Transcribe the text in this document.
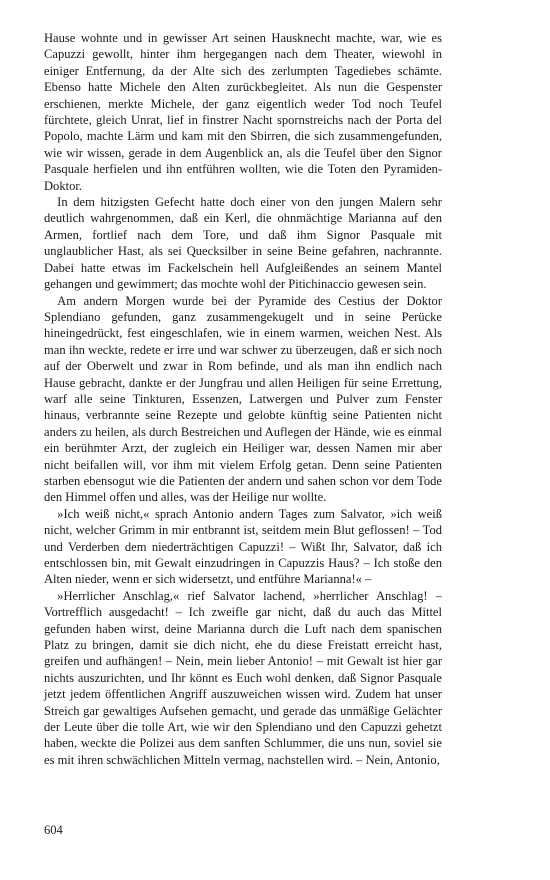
Hause wohnte und in gewisser Art seinen Hausknecht machte, war, wie es Capuzzi gewollt, hinter ihm hergegangen nach dem Theater, wiewohl in einiger Entfernung, da der Alte sich des zerlumpten Tagediebes schämte. Ebenso hatte Michele den Alten zurückbegleitet. Als nun die Gespenster erschienen, merkte Michele, der ganz eigentlich weder Tod noch Teufel fürchtete, gleich Unrat, lief in finstrer Nacht spornstreichs nach der Porta del Popolo, machte Lärm und kam mit den Sbirren, die sich zusammengefunden, wie wir wissen, gerade in dem Augenblick an, als die Teufel über den Signor Pasquale herfielen und ihn entführen wollten, wie die Toten den Pyramiden-Doktor.

In dem hitzigsten Gefecht hatte doch einer von den jungen Malern sehr deutlich wahrgenommen, daß ein Kerl, die ohnmächtige Marianna auf den Armen, fortlief nach dem Tore, und daß ihm Signor Pasquale mit unglaublicher Hast, als sei Quecksilber in seine Beine gefahren, nachrannte. Dabei hatte etwas im Fackelschein hell Aufgleißendes an seinem Mantel gehangen und gewimmert; das mochte wohl der Pitichinaccio gewesen sein.

Am andern Morgen wurde bei der Pyramide des Cestius der Doktor Splendiano gefunden, ganz zusammengekugelt und in seine Perücke hineingedrückt, fest eingeschlafen, wie in einem warmen, weichen Nest. Als man ihn weckte, redete er irre und war schwer zu überzeugen, daß er sich noch auf der Oberwelt und zwar in Rom befinde, und als man ihn endlich nach Hause gebracht, dankte er der Jungfrau und allen Heiligen für seine Errettung, warf alle seine Tinkturen, Essenzen, Latwergen und Pulver zum Fenster hinaus, verbrannte seine Rezepte und gelobte künftig seine Patienten nicht anders zu heilen, als durch Bestreichen und Auflegen der Hände, wie es einmal ein berühmter Arzt, der zugleich ein Heiliger war, dessen Namen mir aber nicht beifallen will, vor ihm mit vielem Erfolg getan. Denn seine Patienten starben ebensogut wie die Patienten der andern und sahen schon vor dem Tode den Himmel offen und alles, was der Heilige nur wollte.

»Ich weiß nicht,« sprach Antonio andern Tages zum Salvator, »ich weiß nicht, welcher Grimm in mir entbrannt ist, seitdem mein Blut geflossen! – Tod und Verderben dem niederträchtigen Capuzzi! – Wißt Ihr, Salvator, daß ich entschlossen bin, mit Gewalt einzudringen in Capuzzis Haus? – Ich stoße den Alten nieder, wenn er sich widersetzt, und entführe Marianna!« –

»Herrlicher Anschlag,« rief Salvator lachend, »herrlicher Anschlag! – Vortrefflich ausgedacht! – Ich zweifle gar nicht, daß du auch das Mittel gefunden haben wirst, deine Marianna durch die Luft nach dem spanischen Platz zu bringen, damit sie dich nicht, ehe du diese Freistatt erreicht hast, greifen und aufhängen! – Nein, mein lieber Antonio! – mit Gewalt ist hier gar nichts auszurichten, und Ihr könnt es Euch wohl denken, daß Signor Pasquale jetzt jedem öffentlichen Angriff auszuweichen wissen wird. Zudem hat unser Streich gar gewaltiges Aufsehen gemacht, und gerade das unmäßige Gelächter der Leute über die tolle Art, wie wir den Splendiano und den Capuzzi gehetzt haben, weckte die Polizei aus dem sanften Schlummer, die uns nun, soviel sie es mit ihren schwächlichen Mitteln vermag, nachstellen wird. – Nein, Antonio,

604
